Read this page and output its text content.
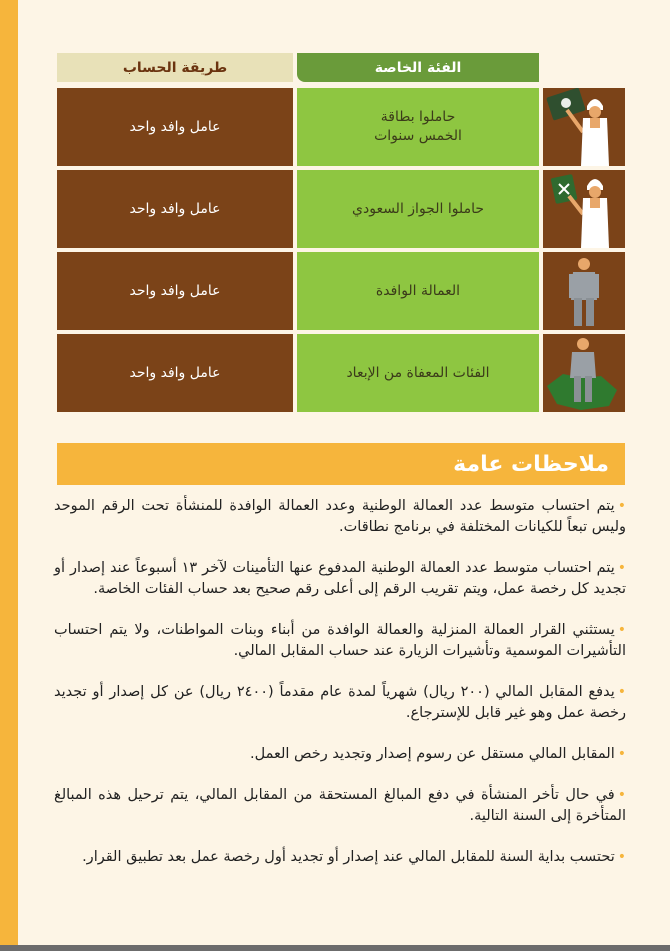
الفئة الخاصة
طريقة الحساب
حاملوا بطاقة
الخمس سنوات
عامل وافد واحد
حاملوا الجواز السعودي
عامل وافد واحد
العمالة الوافدة
عامل وافد واحد
الفئات المعفاة من الإبعاد
عامل وافد واحد
ملاحظات عامة
•يتم احتساب متوسط عدد العمالة الوطنية وعدد العمالة الوافدة للمنشأة تحت الرقم الموحد وليس تبعاً للكيانات المختلفة في برنامج نطاقات.
•يتم احتساب متوسط عدد العمالة الوطنية المدفوع عنها التأمينات لآخر ١٣ أسبوعاً عند إصدار أو تجديد كل رخصة عمل، ويتم تقريب الرقم إلى أعلى رقم صحيح بعد حساب الفئات الخاصة.
•يستثني القرار العمالة المنزلية والعمالة الوافدة من أبناء وبنات المواطنات، ولا يتم احتساب التأشيرات الموسمية وتأشيرات الزيارة عند حساب المقابل المالي.
•يدفع المقابل المالي (٢٠٠ ريال) شهرياً لمدة عام مقدماً (٢٤٠٠ ريال) عن كل إصدار أو تجديد رخصة عمل وهو غير قابل للإسترجاع.
•المقابل المالي مستقل عن رسوم إصدار وتجديد رخص العمل.
•في حال تأخر المنشأة في دفع المبالغ المستحقة من المقابل المالي، يتم ترحيل هذه المبالغ المتأخرة إلى السنة التالية.
•تحتسب بداية السنة للمقابل المالي عند إصدار أو تجديد أول رخصة عمل بعد تطبيق القرار.
